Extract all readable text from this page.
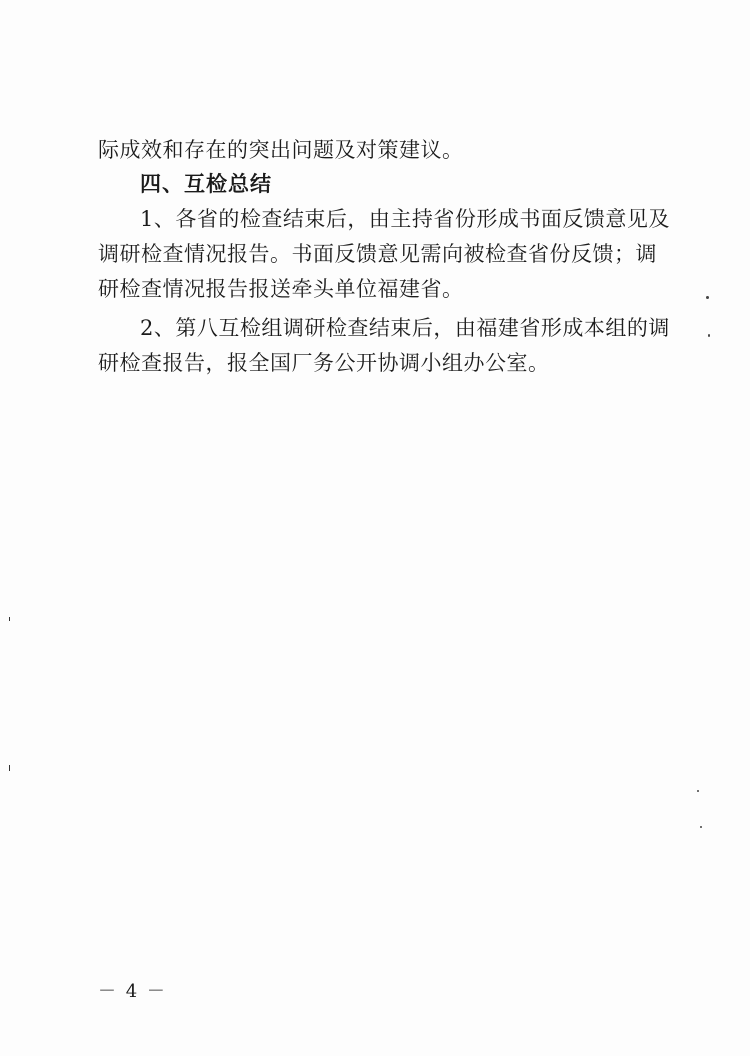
际成效和存在的突出问题及对策建议。
四、互检总结
1、各省的检查结束后，由主持省份形成书面反馈意见及
调研检查情况报告。书面反馈意见需向被检查省份反馈；调
研检查情况报告报送牵头单位福建省。
2、第八互检组调研检查结束后，由福建省形成本组的调
研检查报告，报全国厂务公开协调小组办公室。
－ 4 －
